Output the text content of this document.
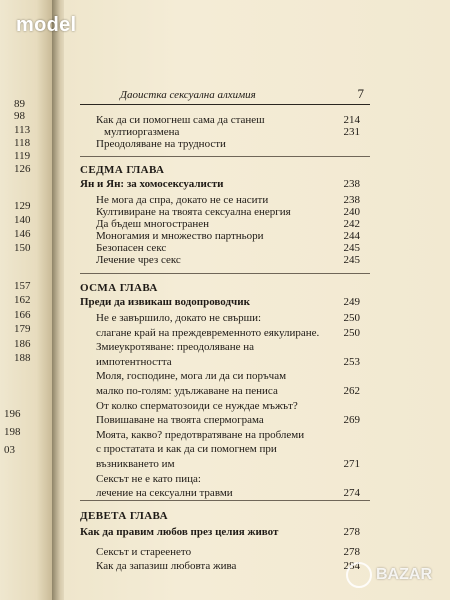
89
98
113
118
119
126
129
140
146
150
157
162
166
179
186
188
196
198
03
model
Даоистка сексуална алхимия	7
Как да си помогнеш сама да станеш	214
мултиоргазмена	231
Преодоляване на трудности
СЕДМА ГЛАВА
Ян и Ян: за хомосексуалисти	238
Не мога да спра, докато не се насити	238
Култивиране на твоята сексуална енергия	240
Да бъдеш многостранен	242
Моногамия и множество партньори	244
Безопасен секс	245
Лечение чрез секс	245
ОСМА ГЛАВА
Преди да извикаш водопроводчик	249
Не е завършило, докато не свърши:	250
слагане край на преждевременното еякулиране. 250
Змиеукротяване: преодоляване на
импотентността	253
Моля, господине, мога ли да си поръчам
малко по-голям: удължаване на пениса	262
От колко сперматозоиди се нуждае мъжът?
Повишаване на твоята спермограма	269
Моята, какво? предотвратяване на проблеми
с простатата и как да си помогнем при
възникването им	271
Сексът не е като пица:
лечение на сексуални травми	274
ДЕВЕТА ГЛАВА
Как да правим любов през целия живот	278
Сексът и стареенето	278
Как да запазиш любовта жива	284
BAZAR
